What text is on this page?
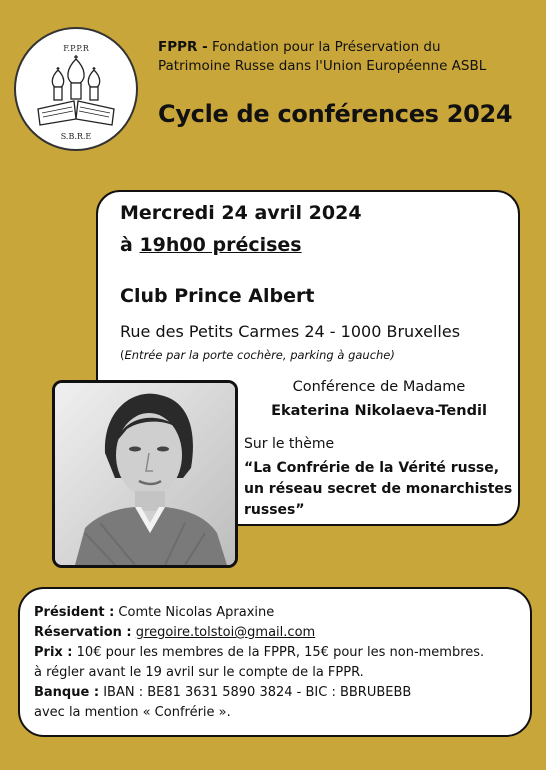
F.P.P.R
S.B.R.E
FPPR - Fondation pour la Préservation du
Patrimoine Russe dans l'Union Européenne ASBL
Cycle de conférences 2024
Mercredi 24 avril 2024
à 19h00 précises
Club Prince Albert
Rue des Petits Carmes 24 - 1000 Bruxelles
(Entrée par la porte cochère, parking à gauche)
Conférence de Madame
Ekaterina Nikolaeva-Tendil
Sur le thème
“La Confrérie de la Vérité russe,
un réseau secret de monarchistes
russes”
Président : Comte Nicolas Apraxine
Réservation : gregoire.tolstoi@gmail.com
Prix : 10€ pour les membres de la FPPR, 15€ pour les non-membres.
à régler avant le 19 avril sur le compte de la FPPR.
Banque : IBAN : BE81 3631 5890 3824 - BIC : BBRUBEBB
avec la mention « Confrérie ».
